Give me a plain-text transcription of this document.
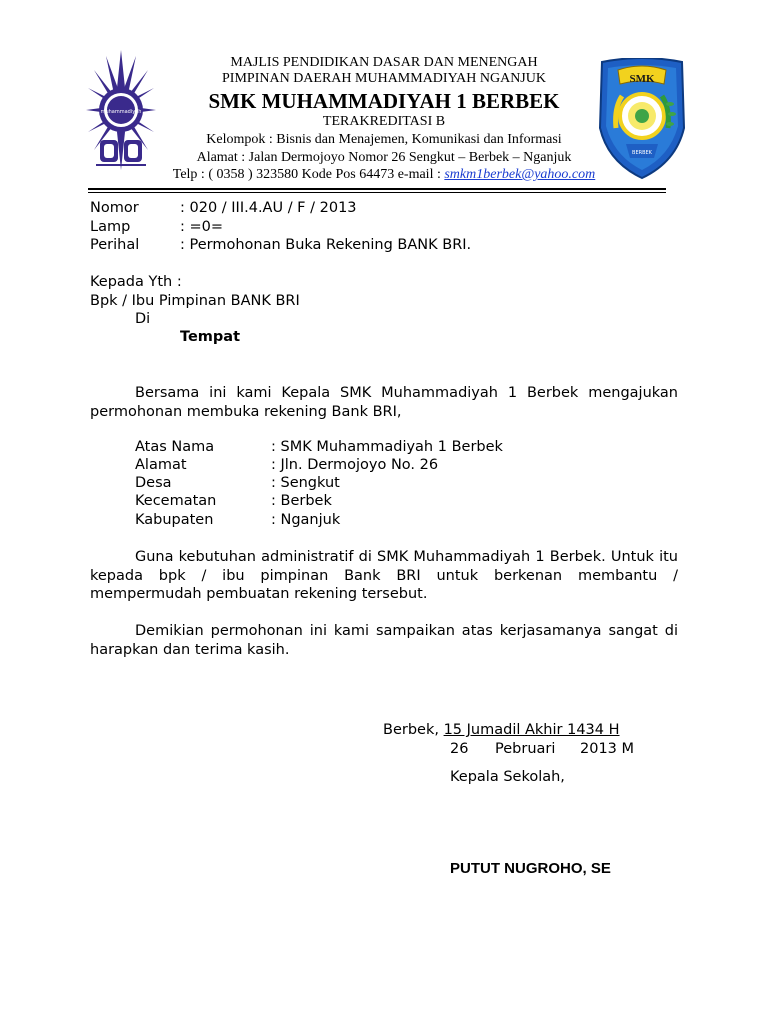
muhammadiyah
SMK
BERBEK
MAJLIS PENDIDIKAN DASAR DAN MENENGAH
PIMPINAN DAERAH MUHAMMADIYAH NGANJUK
SMK MUHAMMADIYAH 1 BERBEK
TERAKREDITASI B
Kelompok : Bisnis dan Menajemen, Komunikasi dan Informasi
Alamat : Jalan Dermojoyo Nomor 26 Sengkut – Berbek – Nganjuk
Telp : ( 0358 ) 323580 Kode Pos 64473 e-mail : smkm1berbek@yahoo.com
Nomor	: 020 / III.4.AU / F / 2013
Lamp	: =0=
Perihal	: Permohonan Buka Rekening BANK BRI.
Kepada Yth :
Bpk / Ibu Pimpinan BANK BRI
Di
Tempat
Bersama ini kami Kepala SMK Muhammadiyah 1 Berbek mengajukan permohonan membuka rekening Bank BRI,
Atas Nama	: SMK Muhammadiyah 1 Berbek
Alamat	: Jln. Dermojoyo No. 26
Desa	: Sengkut
Kecematan	: Berbek
Kabupaten	: Nganjuk
Guna kebutuhan administratif di SMK Muhammadiyah 1 Berbek. Untuk itu kepada bpk / ibu pimpinan Bank BRI untuk berkenan membantu / mempermudah pembuatan rekening tersebut.
Demikian permohonan ini kami sampaikan atas kerjasamanya sangat di harapkan dan terima kasih.
Berbek, 15 Jumadil Akhir 1434 H
26 Pebruari 2013 M
Kepala Sekolah,
PUTUT NUGROHO, SE
